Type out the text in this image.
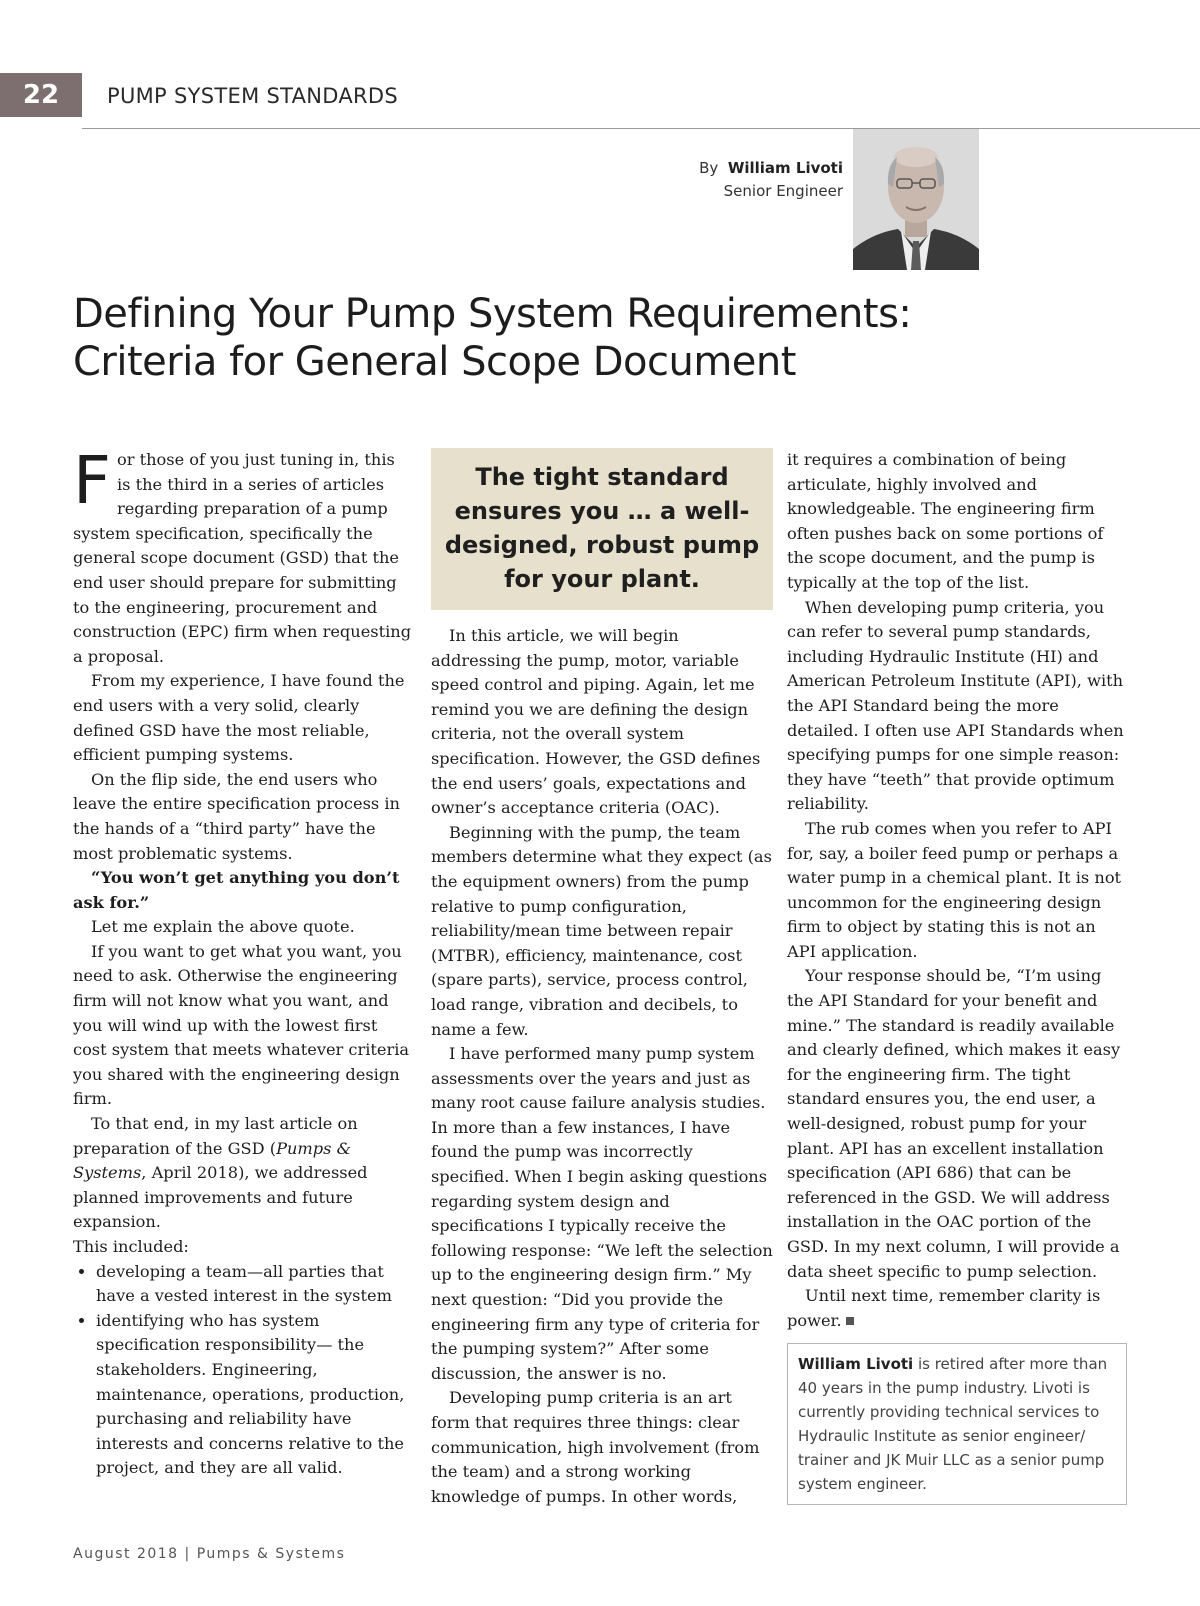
22	PUMP SYSTEM STANDARDS
By William Livoti
Senior Engineer
Defining Your Pump System Requirements:
Criteria for General Scope Document

For those of you just tuning in, this is the third in a series of articles regarding preparation of a pump system specification, specifically the general scope document (GSD) that the end user should prepare for submitting to the engineering, procurement and construction (EPC) firm when requesting a proposal.

From my experience, I have found the end users with a very solid, clearly defined GSD have the most reliable, efficient pumping systems.

On the flip side, the end users who leave the entire specification process in the hands of a “third party” have the most problematic systems.

“You won’t get anything you don’t ask for.”

Let me explain the above quote.

If you want to get what you want, you need to ask. Otherwise the engineering firm will not know what you want, and you will wind up with the lowest first cost system that meets whatever criteria you shared with the engineering design firm.

To that end, in my last article on preparation of the GSD (Pumps & Systems, April 2018), we addressed planned improvements and future expansion.

This included:

• developing a team—all parties that have a vested interest in the system
• identifying who has system specification responsibility— the stakeholders. Engineering, maintenance, operations, production, purchasing and reliability have interests and concerns relative to the project, and they are all valid.
The tight standard ensures you … a well-designed, robust pump for your plant.

In this article, we will begin addressing the pump, motor, variable speed control and piping. Again, let me remind you we are defining the design criteria, not the overall system specification. However, the GSD defines the end users’ goals, expectations and owner’s acceptance criteria (OAC).

Beginning with the pump, the team members determine what they expect (as the equipment owners) from the pump relative to pump configuration, reliability/mean time between repair (MTBR), efficiency, maintenance, cost (spare parts), service, process control, load range, vibration and decibels, to name a few.

I have performed many pump system assessments over the years and just as many root cause failure analysis studies. In more than a few instances, I have found the pump was incorrectly specified. When I begin asking questions regarding system design and specifications I typically receive the following response: “We left the selection up to the engineering design firm.” My next question: “Did you provide the engineering firm any type of criteria for the pumping system?” After some discussion, the answer is no.

Developing pump criteria is an art form that requires three things: clear communication, high involvement (from the team) and a strong working knowledge of pumps. In other words,

it requires a combination of being articulate, highly involved and knowledgeable. The engineering firm often pushes back on some portions of the scope document, and the pump is typically at the top of the list.

When developing pump criteria, you can refer to several pump standards, including Hydraulic Institute (HI) and American Petroleum Institute (API), with the API Standard being the more detailed. I often use API Standards when specifying pumps for one simple reason: they have “teeth” that provide optimum reliability.

The rub comes when you refer to API for, say, a boiler feed pump or perhaps a water pump in a chemical plant. It is not uncommon for the engineering design firm to object by stating this is not an API application.

Your response should be, “I’m using the API Standard for your benefit and mine.” The standard is readily available and clearly defined, which makes it easy for the engineering firm. The tight standard ensures you, the end user, a well-designed, robust pump for your plant. API has an excellent installation specification (API 686) that can be referenced in the GSD. We will address installation in the OAC portion of the GSD. In my next column, I will provide a data sheet specific to pump selection.

Until next time, remember clarity is power.

William Livoti is retired after more than 40 years in the pump industry. Livoti is currently providing technical services to Hydraulic Institute as senior engineer/ trainer and JK Muir LLC as a senior pump system engineer.
August 2018 | Pumps & Systems
